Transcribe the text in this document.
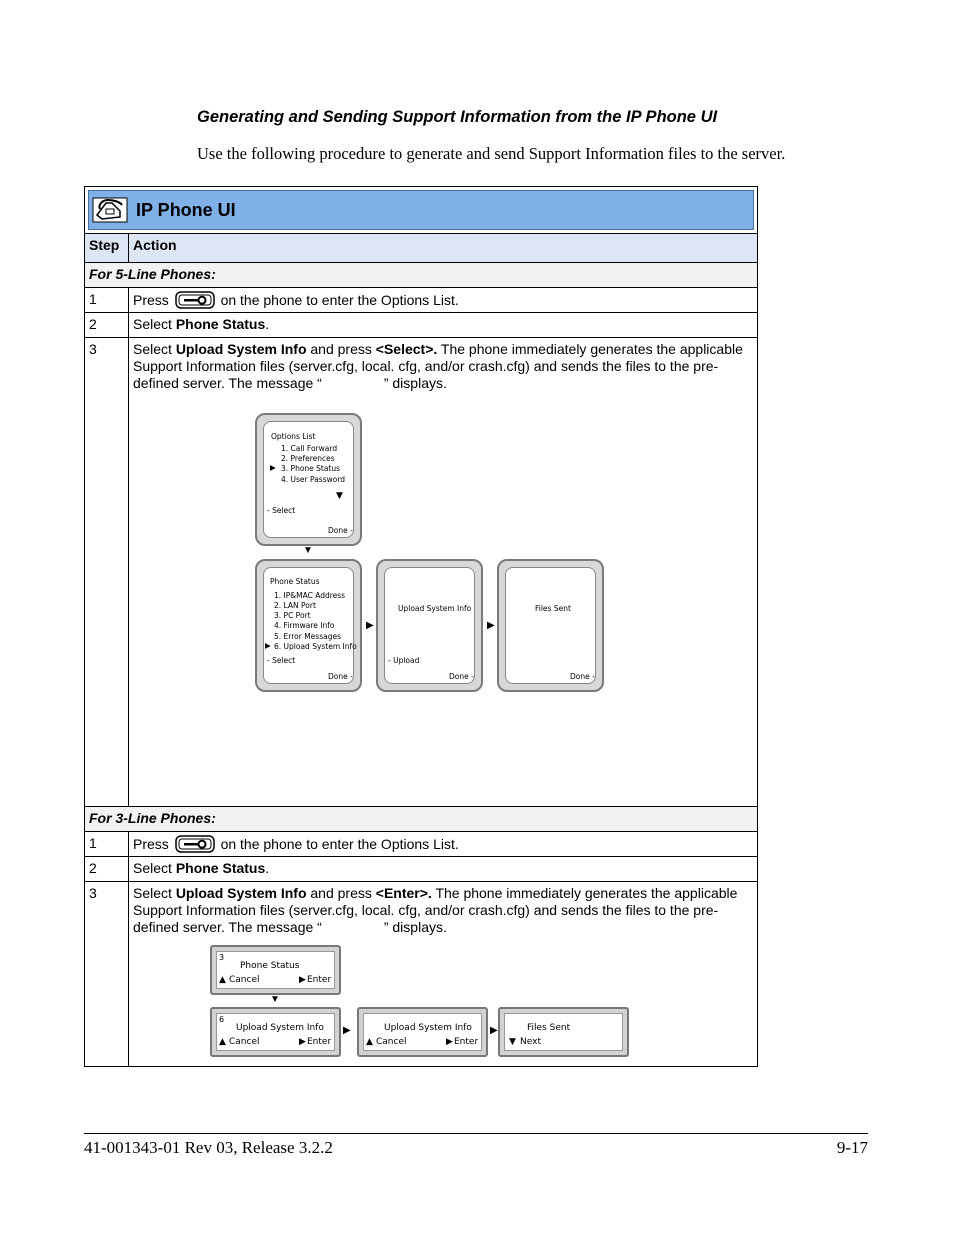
Generating and Sending Support Information from the IP Phone UI
Use the following procedure to generate and send Support Information files to the server.
IP Phone UI
Step	Action
For 5-Line Phones:	
1	Press on the phone to enter the Options List.
2	Select Phone Status.
3	Select Upload System Info and press <Select>. The phone immediately generates the applicable Support Information files (server.cfg, local. cfg, and/or crash.cfg) and sends the files to the pre-defined server. The message “ ” displays.
For 3-Line Phones:	
1	Press on the phone to enter the Options List.
2	Select Phone Status.
3	Select Upload System Info and press <Enter>. The phone immediately generates the applicable Support Information files (server.cfg, local. cfg, and/or crash.cfg) and sends the files to the pre-defined server. The message “ ” displays.
Options List
1. Call Forward
2. Preferences
▶ 3. Phone Status
4. User Password
▼
- Select
Done -
▼
Phone Status
1. IP&MAC Address
2. LAN Port
3. PC Port
4. Firmware Info
5. Error Messages
▶ 6. Upload System Info
- Select
Done -
▶
Upload System Info
- Upload
Done -
▶
Files Sent
Done -
3
Phone Status
▲ Cancel	▶ Enter
▼
6
Upload System Info
▲ Cancel	▶ Enter
▶	Upload System Info
▲ Cancel	▶ Enter
▶	Files Sent
▼ Next
41-001343-01 Rev 03, Release 3.2.2	9-17
